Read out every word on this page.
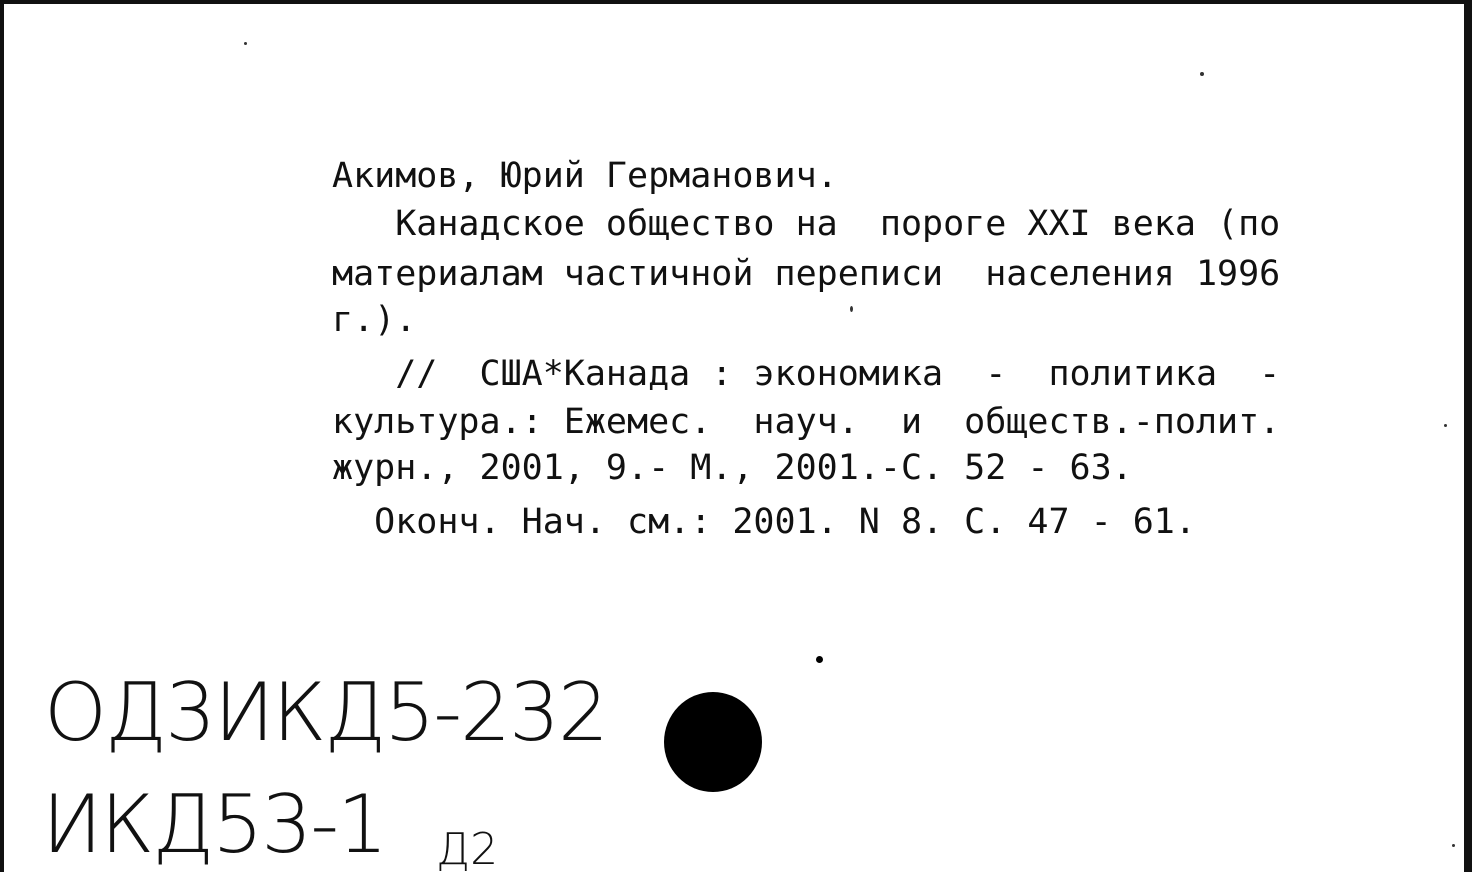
Акимов, Юрий Германович.
Канадское общество на  пороге XXI века (по
материалам частичной переписи  населения 1996
г.).
//  США*Канада : экономика  -  политика  -
культура.: Ежемес.  науч.  и  обществ.-полит.
журн., 2001, 9.- М., 2001.-С. 52 - 63.
Оконч. Нач. см.: 2001. N 8. С. 47 - 61.
ОД3ИКД5-232
ИКД53-1 Д2
